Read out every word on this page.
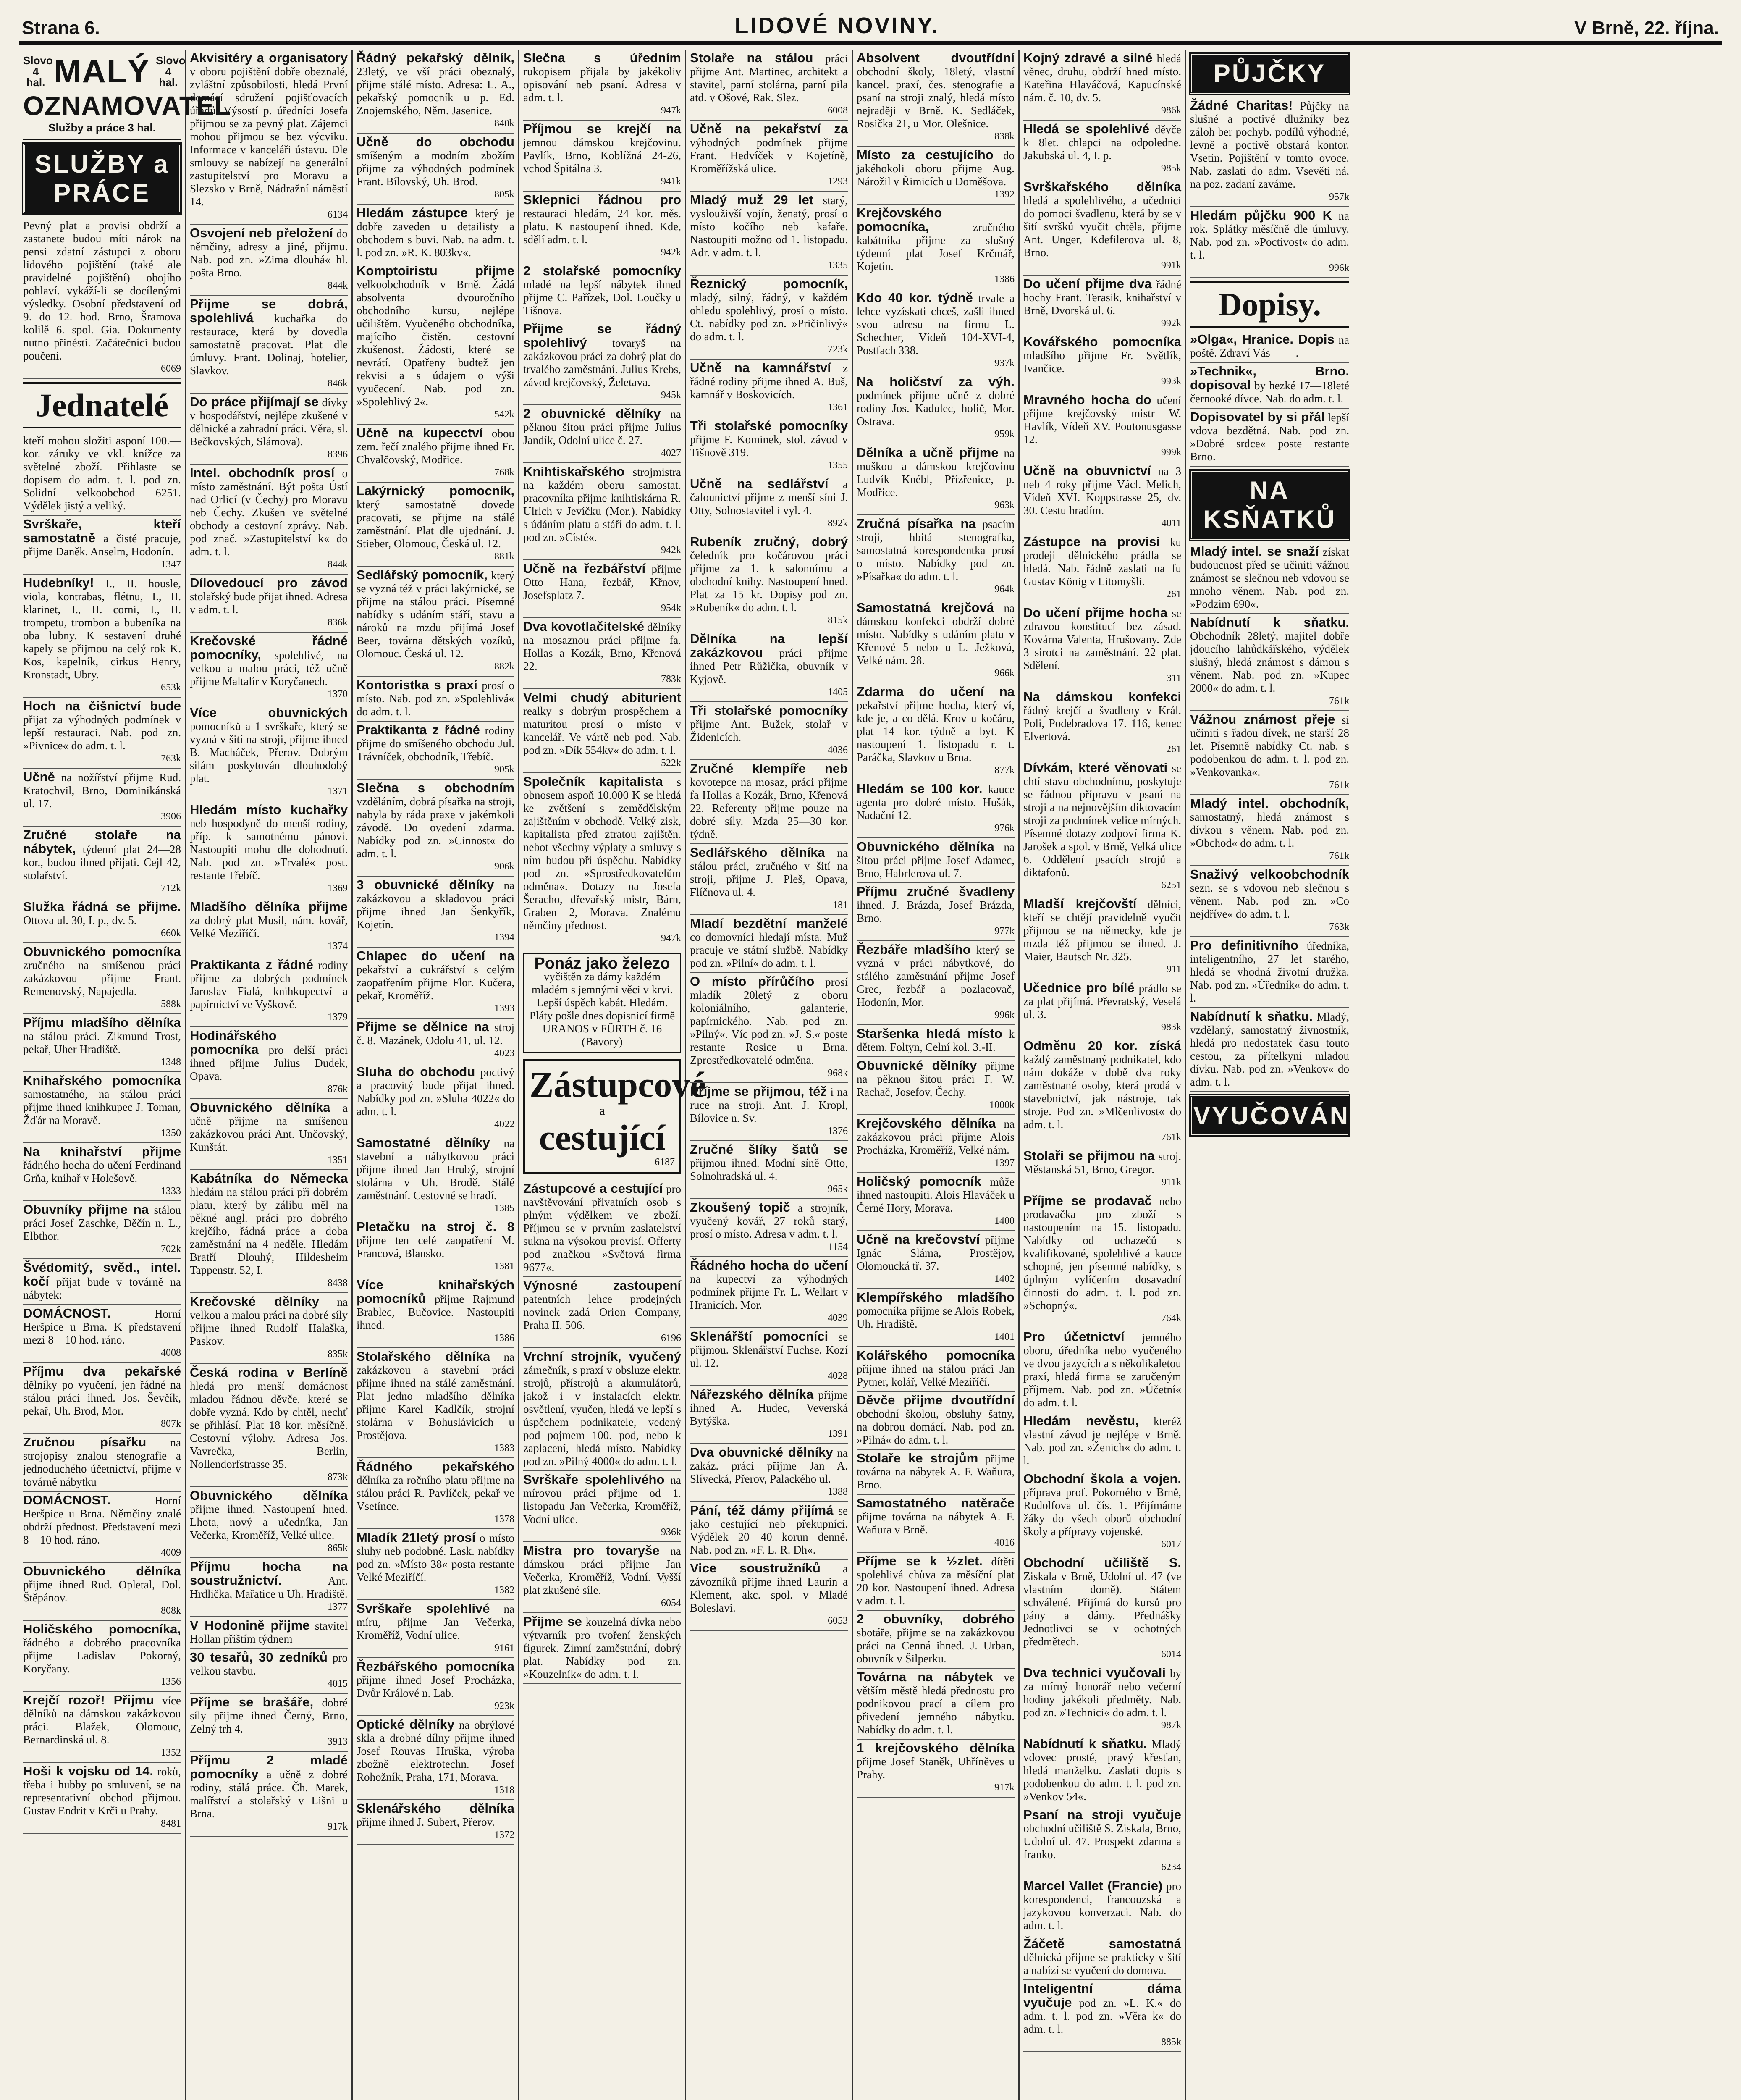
Strana 6.	LIDOVÉ NOVINY.	V Brně, 22. října.
Slovo 4 hal. MALÝ Slovo 4 hal.
OZNAMOVATEL
Služby a práce 3 hal.
SLUŽBY a PRÁCE
Pevný plat a provisi obdrží a zastanete budou míti nárok na pensi zdatní zástupci z oboru lidového pojištění (také ale pravidelné pojištění) obojího pohlaví. vykáží-li se docílenými výsledky. Osobní představení od 9. do 12. hod. Brno, Šramova kolilě 6. spol. Gia. Dokumenty nutno přinésti. Začátečníci budou poučeni.
6069
Jednatelé
kteří mohou složiti asponí 100.— kor. záruky ve vkl. knížce za světelné zboží. Přihlaste se dopisem do adm. t. l. pod zn. Solidní velkoobchod 6251. Výdělek jistý a veliký.
Svrškaře, kteří samostatně a čisté pracuje, přijme Daněk. Anselm, Hodonín.
1347
Hudebníky! I., II. housle, viola, kontrabas, flétnu, I., II. klarinet, I., II. corni, I., II. trompetu, trombon a bubeníka na oba lubny. K sestavení druhé kapely se přijmou na celý rok K. Kos, kapelník, cirkus Henry, Kronstadt, Ubry.
653k
Hoch na čišnictví bude přijat za výhodných podmínek v lepší restauraci. Nab. pod zn. »Pivnice« do adm. t. l.
763k
Učně na nožířství přijme Rud. Kratochvil, Brno, Dominikánská ul. 17.
3906
Zručné stolaře na nábytek, týdenní plat 24—28 kor., budou ihned přijati. Cejl 42, stolařství.
712k
Služka řádná se přijme. Ottova ul. 30, I. p., dv. 5.
660k
Obuvnického pomocníka zručného na smíšenou práci zakázkovou přijme Frant. Remenovský, Napajedla.
588k
Příjmu mladšího dělníka na stálou práci. Zikmund Trost, pekař, Uher Hradiště.
1348
Knihařského pomocníka samostatného, na stálou práci přijme ihned knihkupec J. Toman, Žďár na Moravě.
1350
Na knihařství přijme řádného hocha do učení Ferdinand Grňa, knihař v Holešově.
1333
Obuvníky přijme na stálou práci Josef Zaschke, Děčín n. L., Elbthor.
702k
Švédomitý, svěd., intel. kočí přijat bude v továrně na nábytek:
DOMÁCNOST.	Horní Heršpice u Brna. K představení mezi 8—10 hod. ráno.
4008
Příjmu dva pekařské dělníky po vyučení, jen řádné na stálou práci ihned. Jos. Ševčík, pekař, Uh. Brod, Mor.
807k
Zručnou písařku na strojopisy znalou stenografie a jednoduchého účetnictví, přijme v továrně nábytku
DOMÁCNOST.	Horní Heršpice u Brna. Němčiny znalé obdrží přednost. Představení mezi 8—10 hod. ráno.
4009
Obuvnického dělníka přijme ihned Rud. Opletal, Dol. Štěpánov.
808k
Holičského pomocníka, řádného a dobrého pracovníka přijme Ladislav Pokorný, Koryčany.
1356
Krejčí rozoř! Přijmu více dělníků na dámskou zakázkovou práci. Blažek, Olomouc, Bernardinská ul. 8.
1352
Hoši k vojsku od 14. roků, třeba i hubby po smluvení, se na representativní obchod přijmou. Gustav Endrit v Krči u Prahy.
8481
Akvisitéry a organisatory v oboru pojištění dobře obeznalé, zvláštní způsobilosti, hledá První domácí sdružení pojišťovacích úřadů. Výsostí p. úředníci Josefa přijmou se za pevný plat. Zájemci mohou přijmou se bez výcviku. Informace v kanceláři ústavu. Dle smlouvy se nabízejí na generální zastupitelství pro Moravu a Slezsko v Brně, Nádražní náměstí 14.
6134
Osvojení neb přeložení do němčiny, adresy a jiné, přijmu. Nab. pod zn. »Zima dlouhá« hl. pošta Brno.
844k
Přijme se dobrá, spolehlivá kuchařka do restaurace, která by dovedla samostatně pracovat. Plat dle úmluvy. Frant. Dolinaj, hotelier, Slavkov.
846k
Do práce přijímají se dívky v hospodářství, nejlépe zkušené v dělnické a zahradní práci. Věra, sl. Bečkovských, Slámova).
8396
Intel. obchodník prosí o místo zaměstnání. Být pošta Ústí nad Orlicí (v Čechy) pro Moravu neb Čechy. Zkušen ve světelné obchody a cestovní zprávy. Nab. pod znač. »Zastupitelství k« do adm. t. l.
844k
Dílovedoucí pro závod stolařský bude přijat ihned. Adresa v adm. t. l.
836k
Krečovské řádné pomocníky, spolehlivé, na velkou a malou práci, též učně přijme Maltalír v Koryčanech.
1370
Více obuvnických pomocníků a 1 svrškaře, který se vyzná v šití na stroji, přijme ihned B. Macháček, Přerov. Dobrým silám poskytován dlouhodobý plat.
1371
Hledám místo kuchařky neb hospodyně do menší rodiny, příp. k samotnému pánovi. Nastoupiti mohu dle dohodnutí. Nab. pod zn. »Trvalé« post. restante Třebíč.
1369
Mladšího dělníka přijme za dobrý plat Musil, nám. kovář, Velké Meziříčí.
1374
Praktikanta z řádné rodiny přijme za dobrých podmínek Jaroslav Fialá, knihkupectví a papírnictví ve Vyškově.
1379
Hodinářského pomocníka pro delší práci ihned přijme Julius Dudek, Opava.
876k
Obuvnického dělníka a učně přijme na smíšenou zakázkovou práci Ant. Unčovský, Kunštát.
1351
Kabátníka do Německa hledám na stálou práci při dobrém platu, který by zálibu měl na pěkné angl. práci pro dobrého krejčího, řádná práce a doba zaměstnání na 4 neděle. Hledám Bratří Dlouhý, Hildesheim Tappenstr. 52, I.
8438
Krečovské dělníky na velkou a malou práci na dobré síly přijme ihned Rudolf Halaška, Paskov.
835k
Česká rodina v Berlíně hledá pro menší domácnost mladou řádnou děvče, které se dobře vyzná. Kdo by chtěl, nechť se přihlásí. Plat 18 kor. měsíčně. Cestovní výlohy. Adresa Jos. Vavrečka, Berlin, Nollendorfstrasse 35.
873k
Obuvnického dělníka přijme ihned. Nastoupení hned. Lhota, nový a učedníka, Jan Večerka, Kroměříž, Velké ulice.
865k
Příjmu hocha na soustružnictví.	Ant. Hrdlička, Mařatice u Uh. Hradiště.
1377
V Hodonině přijme stavitel Hollan přištím týdnem
30 tesařů, 30 zedníků pro velkou stavbu.
4015
Příjme se brašáře, dobré síly přijme ihned Černý, Brno, Zelný trh 4.
3913
Příjmu 2 mladé pomocníky a učně z dobré rodiny, stálá práce. Čh. Marek, malířství a stolařský v Lišni u Brna.
917k
Řádný pekařský dělník, 23letý, ve vší práci obeznalý, přijme stálé místo. Adresa: L. A., pekařský pomocník u p. Ed. Znojemského, Něm. Jasenice.
840k
Učně do obchodu smíšeným a modním zbožím přijme za výhodných podmínek Frant. Bílovský, Uh. Brod.
805k
Hledám zástupce který je dobře zaveden u detailisty a obchodem s buvi. Nab. na adm. t. l. pod zn. »R. K. 803kv«.
Komptoiristu přijme velkoobchodník v Brně. Žádá absolventa dvouročního obchodního kursu, nejlépe učilištěm. Vyučeného obchodníka, majícího čistěn. cestovní zkušenost. Žádosti, které se nevrátí. Opatřeny budtež jen rekvisi a s údajem o výši vyučecení. Nab. pod zn. »Spolehlivý 2«.
542k
Učně na kupecctví obou zem. řečí znalého přijme ihned Fr. Chvalčovský, Modřice.
768k
Lakýrnický pomocník, který samostatně dovede pracovati, se přijme na stálé zaměstnání. Plat dle ujednání. J. Stieber, Olomouc, Česká ul. 12.
881k
Sedlářský pomocník, který se vyzná též v práci lakýrnické, se přijme na stálou práci. Písemné nabídky s udáním stáří, stavu a nároků na mzdu přijímá Josef Beer, továrna dětských vozíků, Olomouc. Česká ul. 12.
882k
Kontoristka s praxí prosí o místo. Nab. pod zn. »Spolehlivá« do adm. t. l.
Praktikanta z řádné rodiny přijme do smíšeného obchodu Jul. Trávníček, obchodník, Třebíč.
905k
Slečna s obchodním vzděláním, dobrá písařka na stroji, nabyla by ráda praxe v jakémkoli závodě. Do ovedení zdarma. Nabídky pod zn. »Cinnost« do adm. t. l.
906k
3 obuvnické dělníky na zakázkovou a skladovou práci přijme ihned Jan Šenkyřík, Kojetín.
1394
Chlapec do učení na pekařství a cukrářství s celým zaopatřením přijme Flor. Kučera, pekař, Kroměříž.
1393
Přijme se dělnice na stroj č. 8. Mazánek, Odolu 41, ul. 12.
4023
Sluha do obchodu poctivý a pracovitý bude přijat ihned. Nabídky pod zn. »Sluha 4022« do adm. t. l.
4022
Samostatné dělníky na stavební a nábytkovou práci přijme ihned Jan Hrubý, strojní stolárna v Uh. Brodě. Stálé zaměstnání. Cestovné se hradí.
1385
Pletačku na stroj č. 8 přijme ten celé zaopatření M. Francová, Blansko.
1381
Více knihařských pomocníků přijme Rajmund Brablec, Bučovice. Nastoupiti ihned.
1386
Stolařského dělníka na zakázkovou a stavební práci přijme ihned na stálé zaměstnání. Plat jedno mladšího dělníka přijme Karel Kadlčík, strojní stolárna v Bohuslávicích u Prostějova.
1383
Řádného pekařského dělníka za ročního platu přijme na stálou práci R. Pavlíček, pekař ve Vsetínce.
1378
Mladík 21letý prosí o místo sluhy neb podobné. Lask. nabídky pod zn. »Místo 38« posta restante Velké Meziříčí.
1382
Svrškaře spolehlivé na míru, přijme Jan Večerka, Kroměříž, Vodní ulice.
9161
Řezbářského pomocníka přijme ihned Josef Procházka, Dvůr Králové n. Lab.
923k
Optické dělníky na obrýlové skla a drobné dílny přijme ihned Josef Rouvas Hruška, výroba zbožně elektrotechn. Josef Rohožník, Praha, 171, Morava.
1318
Sklenářského dělníka přijme ihned J. Subert, Přerov.
1372
Slečna s úředním rukopisem přijala by jakékoliv opisování neb psaní. Adresa v adm. t. l.
947k
Příjmou se krejčí na jemnou dámskou krejčovinu. Pavlík, Brno, Koblížná 24-26, vchod Špitálna 3.
941k
Sklepnici řádnou pro restauraci hledám, 24 kor. měs. platu. K nastoupení ihned. Kde, sdělí adm. t. l.
942k
2 stolařské pomocníky mladé na lepší nábytek ihned přijme C. Pařízek, Dol. Loučky u Tišnova.
Přijme se řádný spolehlivý tovaryš na zakázkovou práci za dobrý plat do trvalého zaměstnání. Julius Krebs, závod krejčovský, Želetava.
945k
2 obuvnické dělníky na pěknou šitou práci přijme Julius Jandík, Odolní ulice č. 27.
4027
Knihtiskařského strojmistra na každém oboru samostat. pracovníka přijme knihtiskárna R. Ulrich v Jevíčku (Mor.). Nabídky s údáním platu a stáří do adm. t. l. pod zn. »Císté«.
942k
Učně na řezbářství přijme Otto Hana, řezbář, Křnov, Josefsplatz 7.
954k
Dva kovotlačitelské dělníky na mosaznou práci přijme fa. Hollas a Kozák, Brno, Křenová 22.
783k
Velmi chudý abiturient realky s dobrým prospěchem a maturitou prosí o místo v kancelář. Ve vártě neb pod. Nab. pod zn. »Dík 554kv« do adm. t. l.
522k
Společník kapitalista s obnosem aspoň 10.000 K se hledá ke zvětšení s zemědělským zajištěním v obchodě. Velký zisk, kapitalista před ztratou zajištěn. nebot všechny výplaty a smluvy s ním budou při úspěchu. Nabídky pod zn. »Sprostředkovatelům odměna«. Dotazy na Josefa Šeracho, dřevařský mistr, Bárn, Graben 2, Morava. Znalému němčiny přednost.
947k
Ponáz jako železo
vyčištěn za dámy každém mladém s jemnými věci v krvi. Lepší úspěch kabát. Hledám. Pláty pošle dnes dopisnicí firmě URANOS v FÜRTH č. 16 (Bavory)
Zástupcové
a
cestující
6187
Zástupcové a cestující pro navštěvování přivatních osob s plným výdělkem ve zboží. Příjmou se v prvním zaslatelství sukna na výsokou provisí. Offerty pod značkou »Světová firma 9677«.
Výnosné zastoupení patentních lehce prodejných novinek zadá Orion Company, Praha II. 506.
6196
Vrchní strojník, vyučený zámečník, s praxí v obsluze elektr. strojů, přístrojů a akumulátorů, jakož i v instalacích elektr. osvětlení, vyučen, hledá ve lepší s úspěchem podnikatele, vedený pod pojmem 100. pod, nebo k zaplacení, hledá místo. Nabídky pod zn. »Pilný 4000« do adm. t. l.
Svrškaře spolehlivého na mírovou práci přijme od 1. listopadu Jan Večerka, Kroměříž, Vodní ulice.
936k
Mistra pro tovaryše na dámskou práci přijme Jan Večerka, Kroměříž, Vodní. Vyšší plat zkušené síle.
6054
Přijme se kouzelná dívka nebo výtvarník pro tvoření ženských figurek. Zimní zaměstnání, dobrý plat. Nabídky pod zn. »Kouzelník« do adm. t. l.
Stolaře na stálou práci přijme Ant. Martinec, architekt a stavitel, parní stolárna, parní pila atd. v Ošové, Rak. Slez.
6008
Učně na pekařství za výhodných podmínek přijme Frant. Hedvíček v Kojetíně, Kroměřížská ulice.
1293
Mladý muž 29 let starý, vyslouživší vojín, ženatý, prosí o místo kočího neb kafaře. Nastoupiti možno od 1. listopadu. Adr. v adm. t. l.
1335
Řeznický pomocník, mladý, silný, řádný, v každém ohledu spolehlivý, prosí o místo. Ct. nabídky pod zn. »Pričinlivý« do adm. t. l.
723k
Učně na kamnářství z řádné rodiny přijme ihned A. Buš, kamnář v Boskovicích.
1361
Tři stolařské pomocníky přijme F. Kominek, stol. závod v Tišnově 319.
1355
Učně na sedlářství a čalounictví přijme z menší síni J. Otty, Solnostavitel i vyl. 4.
892k
Rubeník zručný, dobrý čeledník pro kočárovou práci přijme za 1. k salonnímu a obchodní knihy. Nastoupení hned. Plat za 15 kr. Dopisy pod zn. »Rubeník« do adm. t. l.
815k
Dělníka na lepší zakázkovou práci přijme ihned Petr Růžička, obuvník v Kyjově.
1405
Tři stolařské pomocníky přijme Ant. Bužek, stolař v Židenicích.
4036
Zručné klempíře neb kovotepce na mosaz, práci přijme fa Hollas a Kozák, Brno, Křenová 22. Referenty přijme pouze na dobré síly. Mzda 25—30 kor. týdně.
Sedlářského dělníka na stálou práci, zručného v šití na stroji, přijme J. Pleš, Opava, Flíčnova ul. 4.
181
Mladí bezdětní manželé co domovníci hledají místa. Muž pracuje ve státní službě. Nabídky pod zn. »Pilní« do adm. t. l.
O místo přírůčího prosí mladík 20letý z oboru koloniálního, galanterie, papírnického. Nab. pod zn. »Pilný«. Víc pod zn. »J. S.« poste restante Rosice u Brna. Zprostředkovatelé odměna.
968k
Příjme se přijmou, též i na ruce na stroji. Ant. J. Kropl, Bílovice n. Sv.
1376
Zručné šlíky šatů se přijmou ihned. Modní síně Otto, Solnohradská ul. 4.
965k
Zkoušený topič a strojník, vyučený kovář, 27 roků starý, prosí o místo. Adresa v adm. t. l.
1154
Řádného hocha do učení na kupectví za výhodných podmínek přijme Fr. L. Wellart v Hranicích. Mor.
4039
Sklenářští pomocníci se přijmou. Sklenářství Fuchse, Kozí ul. 12.
4028
Nářezského dělníka přijme ihned A. Hudec, Veverská Bytýška.
1391
Dva obuvnické dělníky na zakáz. práci přijme Jan A. Slívecká, Přerov, Palackého ul.
1388
Pání, též dámy přijímá se jako cestující neb překupníci. Výdělek 20—40 korun denně. Nab. pod zn. »F. L. R. Dh«.
Vice soustružníků a závozníků přijme ihned Laurin a Klement, akc. spol. v Mladé Boleslavi.
6053
Absolvent dvoutřídní obchodní školy, 18letý, vlastní kancel. praxí, čes. stenografie a psaní na stroji znalý, hledá místo nejraději v Brně. K. Sedláček, Rosička 21, u Mor. Olešnice.
838k
Místo za cestujícího do jakéhokoli oboru přijme Aug. Nárožil v Řimicích u Doměšova.
1392
Krejčovského pomocníka,	zručného kabátníka přijme za slušný týdenní plat Josef Krčmář, Kojetín.
1386
Kdo 40 kor. týdně trvale a lehce vyzískati chceš, zašli ihned svou adresu na firmu L. Schechter, Vídeň 104-XVI-4, Postfach 338.
937k
Na holičství za výh. podmínek přijme učně z dobré rodiny Jos. Kadulec, holič, Mor. Ostrava.
959k
Dělníka a učně přijme na muškou a dámskou krejčovinu Ludvík Knébl, Přízřenice, p. Modřice.
963k
Zručná písařka na psacím stroji, hbitá stenografka, samostatná korespondentka prosí o místo. Nabídky pod zn. »Písařka« do adm. t. l.
964k
Samostatná krejčová na dámskou konfekci obdrží dobré místo. Nabídky s udáním platu v Křenové 5 nebo u L. Ježková, Velké nám. 28.
966k
Zdarma do učení na pekařství přijme hocha, který ví, kde je, a co dělá. Krov u kočáru, plat 14 kor. týdně a byt. K nastoupení 1. listopadu r. t. Paráčka, Slavkov u Brna.
877k
Hledám se 100 kor. kauce agenta pro dobré místo. Hušák, Nadační 12.
976k
Obuvnického dělníka na šitou práci přijme Josef Adamec, Brno, Habrlerova ul. 7.
Příjmu zručné švadleny ihned. J. Brázda, Josef Brázda, Brno.
977k
Řezbáře mladšího který se vyzná v práci nábytkové, do stálého zaměstnání přijme Josef Grec, řezbář a pozlacovač, Hodonín, Mor.
996k
Staršenka hledá místo k dětem. Foltyn, Celní kol. 3.-II.
Obuvnické dělníky přijme na pěknou šitou práci F. W. Rachač, Josefov, Čechy.
1000k
Krejčovského dělníka na zakázkovou práci přijme Alois Procházka, Kroměříž, Velké nám.
1397
Holičský pomocník může ihned nastoupiti. Alois Hlaváček u Černé Hory, Morava.
1400
Učně na krečovství přijme Ignác Sláma, Prostějov, Olomoucká tř. 37.
1402
Klempířského mladšího pomocníka přijme se Alois Robek, Uh. Hradiště.
1401
Kolářského pomocníka přijme ihned na stálou práci Jan Pytner, kolář, Velké Meziříčí.
Děvče přijme dvoutřídní obchodní školou, obsluhy šatny, na dobrou domácí. Nab. pod zn. »Pilná« do adm. t. l.
Stolaře ke strojům přijme továrna na nábytek A. F. Waňura, Brno.
Samostatného natěrače přijme továrna na nábytek A. F. Waňura v Brně.
4016
Příjme se k ½zlet. dítěti spolehlivá chůva za měsíční plat 20 kor. Nastoupení ihned. Adresa v adm. t. l.
2 obuvníky, dobrého sbotáře, přijme se na zakázkovou práci na Cenná ihned. J. Urban, obuvník v Šilperku.
Továrna na nábytek ve větším městě hledá přednostu pro podnikovou prací a cílem pro přivedení jemného nábytku. Nabídky do adm. t. l.
1 krejčovského dělníka přijme Josef Staněk, Uhříněves u Prahy.
917k
Kojný zdravé a silné hledá věnec, druhu, obdrží hned místo. Kateřina Hlaváčová, Kapucínské nám. č. 10, dv. 5.
986k
Hledá se spolehlivé děvče k 8let. chlapci na odpoledne. Jakubská ul. 4, I. p.
985k
Svrškařského dělníka hledá a spolehlivého, a učednici do pomoci švadlenu, která by se v šití svršků vyučit chtěla, přijme Ant. Unger, Kdefilerova ul. 8, Brno.
991k
Do učení přijme dva řádné hochy Frant. Terasik, knihařství v Brně, Dvorská ul. 6.
992k
Kovářského pomocníka mladšího přijme Fr. Světlík, Ivančice.
993k
Mravného hocha do učení přijme krejčovský mistr W. Havlík, Vídeň XV. Poutonusgasse 12.
999k
Učně na obuvnictví na 3 neb 4 roky přijme Václ. Melich, Vídeň XVI. Koppstrasse 25, dv. 30. Cestu hradím.
4011
Zástupce na provisi ku prodeji dělnického prádla se hledá. Nab. řádně zaslati na fu Gustav König v Litomyšli.
261
Do učení přijme hocha se zdravou konstitucí bez zásad. Kovárna Valenta, Hrušovany. Zde 3 sirotci na zaměstnání. 22 plat. Sdělení.
311
Na dámskou konfekci řádný krejčí a švadleny v Král. Poli, Podebradova 17. 116, kenec Elvertová.
261
Dívkám, které věnovati se chtí stavu obchodnímu, poskytuje se řádnou přípravu v psaní na stroji a na nejnovějším diktovacím stroji za podmínek velice mírných. Písemné dotazy zodpoví firma K. Jarošek a spol. v Brně, Velká ulice 6. Oddělení psacích strojů a diktafonů.
6251
Mladší krejčovští dělníci, kteří se chtějí pravidelně vyučit přijmou se na německy, kde je mzda též přijmou se ihned. J. Maier, Bautsch Nr. 325.
911
Učednice pro bílé prádlo se za plat přijímá. Převratský, Veselá ul. 3.
983k
Odměnu 20 kor. získá každý zaměstnaný podnikatel, kdo nám dokáže v době dva roky zaměstnané osoby, která prodá v stavebnictví, jak nástroje, tak stroje. Pod zn. »Mlčenlivost« do adm. t. l.
761k
Stolaři se přijmou na stroj. Městanská 51, Brno, Gregor.
911k
Příjme se prodavač nebo prodavačka pro zboží s nastoupením na 15. listopadu. Nabídky od uchazečů s kvalifikované, spolehlivé a kauce schopné, jen písemné nabídky, s úplným vylíčením dosavadní činnosti do adm. t. l. pod zn. »Schopný«.
764k
Pro účetnictví jemného oboru, úředníka nebo vyučeného ve dvou jazycích a s několikaletou praxí, hledá firma se zaručeným příjmem. Nab. pod zn. »Účetní« do adm. t. l.
Hledám nevěstu, kteréž vlastní závod je nejlépe v Brně. Nab. pod zn. »Ženich« do adm. t. l.
Obchodní škola a vojen. příprava prof. Pokorného v Brně, Rudolfova ul. čís. 1. Přijímáme žáky do všech oborů obchodní školy a přípravy vojenské.
6017
Obchodní učiliště S. Ziskala v Brně, Udolní ul. 47 (ve vlastním domě). Státem schválené. Přijímá do kursů pro pány a dámy. Přednášky Jednotlivci se v ochotných předmětech.
6014
Dva technici vyučovali by za mírný honorář nebo večerní hodiny jakékoli předměty. Nab. pod zn. »Technici« do adm. t. l.
987k
Nabídnutí k sňatku. Mladý vdovec prosté, pravý křesťan, hledá manželku. Zaslati dopis s podobenkou do adm. t. l. pod zn. »Venkov 54«.
Psaní na stroji vyučuje obchodní učiliště S. Ziskala, Brno, Udolní ul. 47. Prospekt zdarma a franko.
6234
Marcel Vallet (Francie) pro korespondenci, francouzská a jazykovou konverzaci. Nab. do adm. t. l.
Žáčetě samostatná dělnická přijme se prakticky v šití a nabízí se vyučení do domova.
Inteligentní dáma vyučuje pod zn. »L. K.« do adm. t. l. pod zn. »Věra k« do adm. t. l.
885k
PŮJČKY
Žádné Charitas! Půjčky na slušné a poctivé dlužníky bez záloh ber pochyb. podílů výhodné, levně a poctivě obstará kontor. Vsetin. Pojištění v tomto ovoce. Nab. zaslati do adm. Vsevěti ná, na poz. zadaní zaváme.
957k
Hledám půjčku 900 K na rok. Splátky měsíčně dle úmluvy. Nab. pod zn. »Poctivost« do adm. t. l.
996k
Dopisy.
»Olga«, Hranice. Dopis na poště. Zdraví Vás ——.
»Technik«, Brno. dopisoval by hezké 17—18leté černooké dívce. Nab. do adm. t. l.
Dopisovatel by si přál lepší vdova bezdětná. Nab. pod zn. »Dobré srdce« poste restante Brno.
NA KSŇATKŮ
Mladý intel. se snaží získat budoucnost před se učiniti vážnou známost se slečnou neb vdovou se mnoho věnem. Nab. pod zn. »Podzim 690«.
Nabídnutí k sňatku. Obchodník 28letý, majitel dobře jdoucího lahůdkářského, výdělek slušný, hledá známost s dámou s věnem. Nab. pod zn. »Kupec 2000« do adm. t. l.
761k
Vážnou známost přeje si učiniti s řadou dívek, ne starší 28 let. Písemně nabídky Ct. nab. s podobenkou do adm. t. l. pod zn. »Venkovanka«.
761k
Mladý intel. obchodník, samostatný, hledá známost s dívkou s věnem. Nab. pod zn. »Obchod« do adm. t. l.
761k
Snaživý velkoobchodník sezn. se s vdovou neb slečnou s věnem. Nab. pod zn. »Co nejdříve« do adm. t. l.
763k
Pro definitivního úředníka, inteligentního, 27 let starého, hledá se vhodná životní družka. Nab. pod zn. »Úředník« do adm. t. l.
Nabídnutí k sňatku. Mladý, vzdělaný, samostatný živnostník, hledá pro nedostatek času touto cestou, za přítelkyni mladou dívku. Nab. pod zn. »Venkov« do adm. t. l.
VYUČOVÁNÍ
